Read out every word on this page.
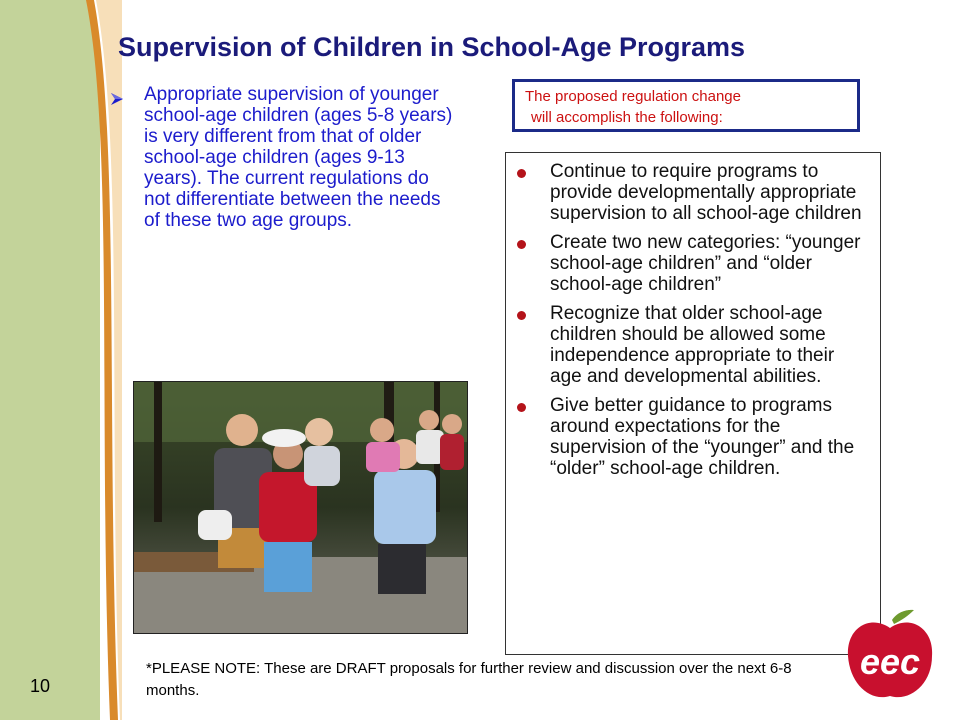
10
Supervision of Children in School-Age Programs
Appropriate supervision of younger school-age children (ages 5-8 years) is very different from that of older school-age children (ages 9-13 years). The current regulations do not differentiate between the needs of these two age groups.
The proposed regulation change
will accomplish the following:
Continue to require programs to provide developmentally appropriate supervision to all school-age children
Create two new categories: “younger school-age children” and “older school-age children”
Recognize that older school-age children should be allowed some independence appropriate to their age and developmental abilities.
Give better guidance to programs around expectations for the supervision of the “younger” and the “older” school-age children.
*PLEASE NOTE: These are DRAFT proposals for further review and discussion over the next 6-8 months.
eec
